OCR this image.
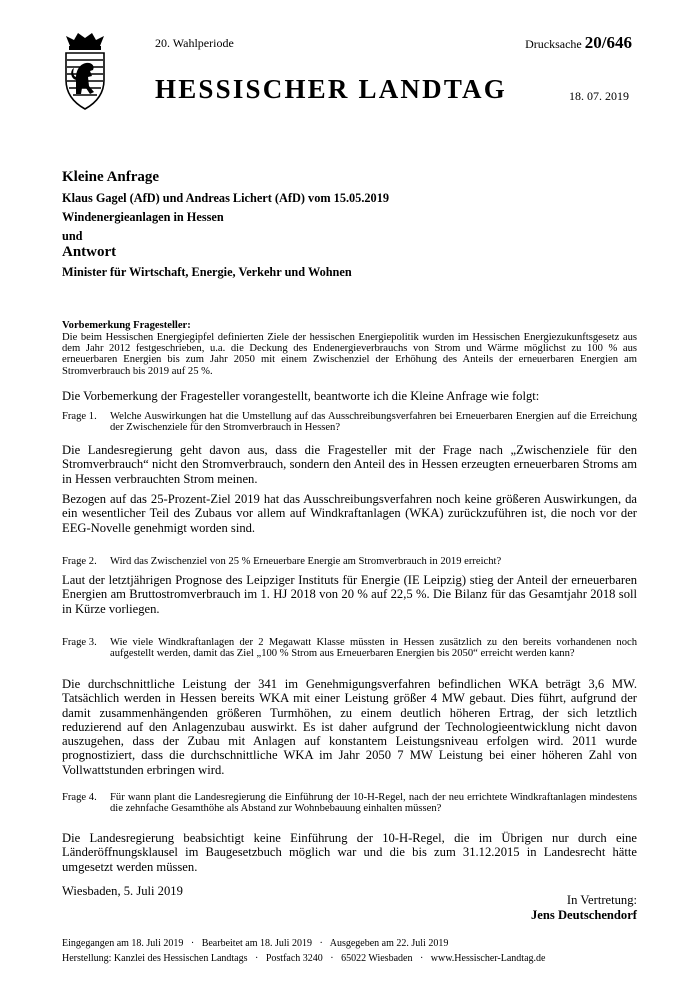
20. Wahlperiode
HESSISCHER LANDTAG
Drucksache 20/646
18. 07. 2019
Kleine Anfrage
Klaus Gagel (AfD) und Andreas Lichert (AfD) vom 15.05.2019
Windenergieanlagen in Hessen
und
Antwort
Minister für Wirtschaft, Energie, Verkehr und Wohnen
Vorbemerkung Fragesteller:
Die beim Hessischen Energiegipfel definierten Ziele der hessischen Energiepolitik wurden im Hessischen Energiezukunftsgesetz aus dem Jahr 2012 festgeschrieben, u.a. die Deckung des Endenergieverbrauchs von Strom und Wärme möglichst zu 100 % aus erneuerbaren Energien bis zum Jahr 2050 mit einem Zwischenziel der Erhöhung des Anteils der erneuerbaren Energien am Stromverbrauch bis 2019 auf 25 %.
Die Vorbemerkung der Fragesteller vorangestellt, beantworte ich die Kleine Anfrage wie folgt:
Frage 1. Welche Auswirkungen hat die Umstellung auf das Ausschreibungsverfahren bei Erneuerbaren Energien auf die Erreichung der Zwischenziele für den Stromverbrauch in Hessen?
Die Landesregierung geht davon aus, dass die Fragesteller mit der Frage nach „Zwischenziele für den Stromverbrauch“ nicht den Stromverbrauch, sondern den Anteil des in Hessen erzeugten erneuerbaren Stroms am in Hessen verbrauchten Strom meinen.
Bezogen auf das 25-Prozent-Ziel 2019 hat das Ausschreibungsverfahren noch keine größeren Auswirkungen, da ein wesentlicher Teil des Zubaus vor allem auf Windkraftanlagen (WKA) zurückzuführen ist, die noch vor der EEG-Novelle genehmigt worden sind.
Frage 2. Wird das Zwischenziel von 25 % Erneuerbare Energie am Stromverbrauch in 2019 erreicht?
Laut der letztjährigen Prognose des Leipziger Instituts für Energie (IE Leipzig) stieg der Anteil der erneuerbaren Energien am Bruttostromverbrauch im 1. HJ 2018 von 20 % auf 22,5 %. Die Bilanz für das Gesamtjahr 2018 soll in Kürze vorliegen.
Frage 3. Wie viele Windkraftanlagen der 2 Megawatt Klasse müssten in Hessen zusätzlich zu den bereits vorhandenen noch aufgestellt werden, damit das Ziel „100 % Strom aus Erneuerbaren Energien bis 2050“ erreicht werden kann?
Die durchschnittliche Leistung der 341 im Genehmigungsverfahren befindlichen WKA beträgt 3,6 MW. Tatsächlich werden in Hessen bereits WKA mit einer Leistung größer 4 MW gebaut. Dies führt, aufgrund der damit zusammenhängenden größeren Turmhöhen, zu einem deutlich höheren Ertrag, der sich letztlich reduzierend auf den Anlagenzubau auswirkt. Es ist daher aufgrund der Technologieentwicklung nicht davon auszugehen, dass der Zubau mit Anlagen auf konstantem Leistungsniveau erfolgen wird. 2011 wurde prognostiziert, dass die durchschnittliche WKA im Jahr 2050 7 MW Leistung bei einer höheren Zahl von Vollwattstunden erbringen wird.
Frage 4. Für wann plant die Landesregierung die Einführung der 10-H-Regel, nach der neu errichtete Windkraftanlagen mindestens die zehnfache Gesamthöhe als Abstand zur Wohnbebauung einhalten müssen?
Die Landesregierung beabsichtigt keine Einführung der 10-H-Regel, die im Übrigen nur durch eine Länderöffnungsklausel im Baugesetzbuch möglich war und die bis zum 31.12.2015 in Landesrecht hätte umgesetzt werden müssen.
Wiesbaden, 5. Juli 2019
In Vertretung:
Jens Deutschendorf
Eingegangen am 18. Juli 2019   ·   Bearbeitet am 18. Juli 2019   ·   Ausgegeben am 22. Juli 2019
Herstellung: Kanzlei des Hessischen Landtags   ·   Postfach 3240   ·   65022 Wiesbaden   ·   www.Hessischer-Landtag.de
